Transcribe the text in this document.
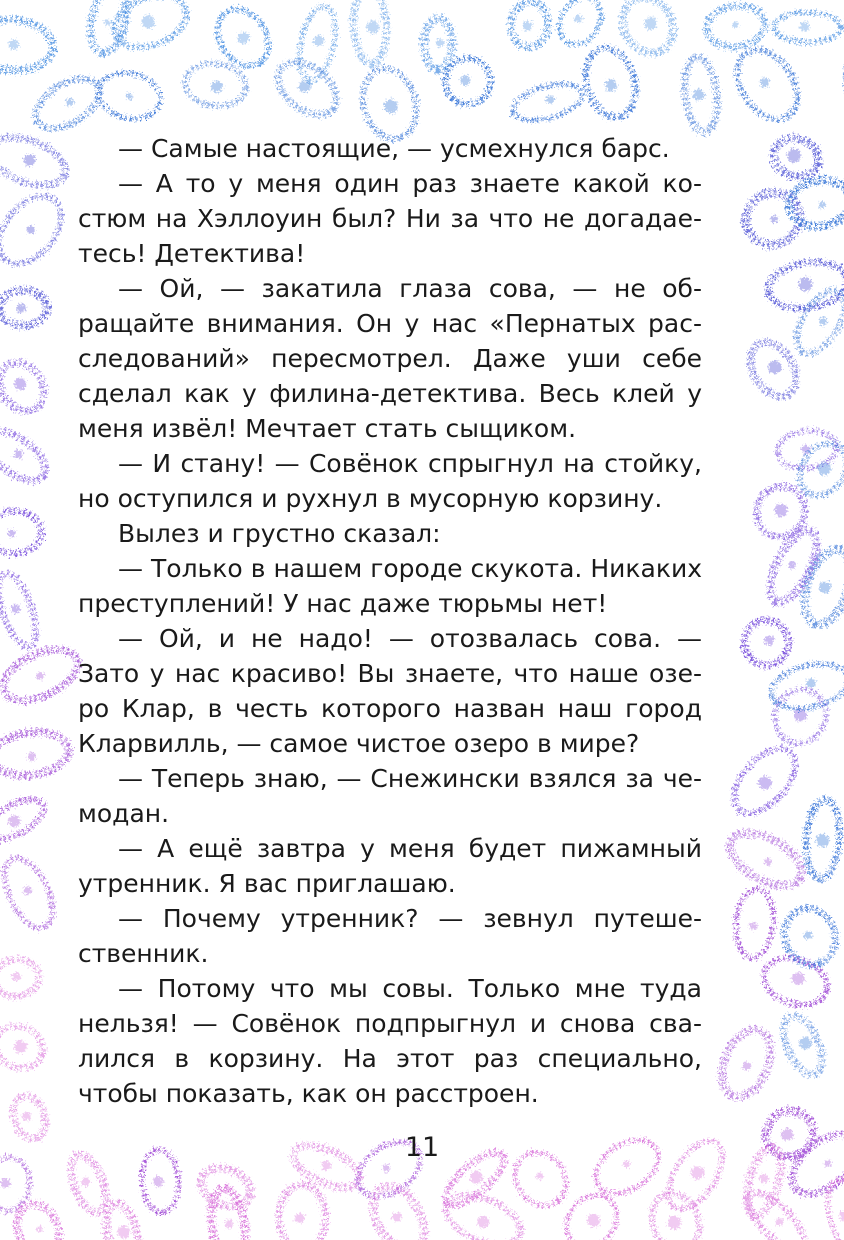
— Самые настоящие, — усмехнулся барс.

— А то у меня один раз знаете какой костюм на Хэллоуин был? Ни за что не догадаетесь! Детектива!

— Ой, — закатила глаза сова, — не обращайте внимания. Он у нас «Пернатых расследований» пересмотрел. Даже уши себе сделал как у филина-детектива. Весь клей у меня извёл! Мечтает стать сыщиком.

— И стану! — Совёнок спрыгнул на стойку, но оступился и рухнул в мусорную корзину.

Вылез и грустно сказал:

— Только в нашем городе скукота. Никаких преступлений! У нас даже тюрьмы нет!

— Ой, и не надо! — отозвалась сова. — Зато у нас красиво! Вы знаете, что наше озеро Клар, в честь которого назван наш город Кларвилль, — самое чистое озеро в мире?

— Теперь знаю, — Снежински взялся за чемодан.

— А ещё завтра у меня будет пижамный утренник. Я вас приглашаю.

— Почему утренник? — зевнул путешественник.

— Потому что мы совы. Только мне туда нельзя! — Совёнок подпрыгнул и снова свалился в корзину. На этот раз специально, чтобы показать, как он расстроен.

11
